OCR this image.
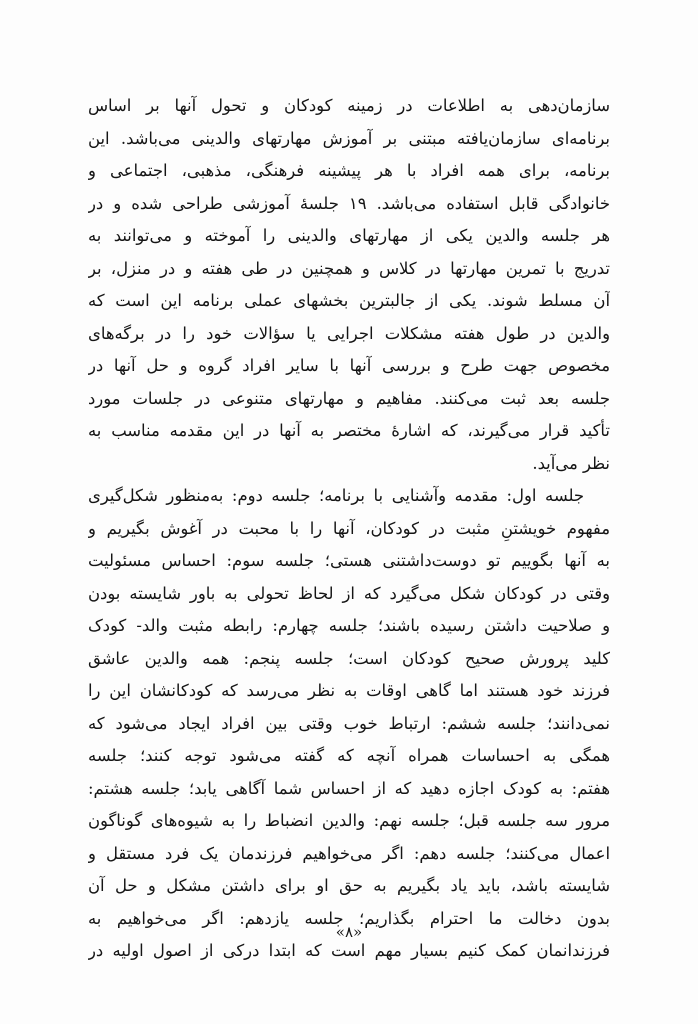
سازمان‌دهی به اطلاعات در زمینه کودکان و تحول آنها بر اساس
برنامه‌ای سازمان‌یافته مبتنی بر آموزش مهارتهای والدینی می‌باشد. این
برنامه، برای همه افراد با هر پیشینه فرهنگی، مذهبی، اجتماعی و
خانوادگی قابل استفاده می‌باشد. ۱۹ جلسهٔ آموزشی طراحی شده و در
هر جلسه والدین یکی از مهارتهای والدینی را آموخته و می‌توانند به
تدریج با تمرین مهارتها در کلاس و همچنین در طی هفته و در منزل، بر
آن مسلط شوند. یکی از جالبترین بخشهای عملی برنامه این است که
والدین در طول هفته مشکلات اجرایی یا سؤالات خود را در برگه‌های
مخصوص جهت طرح و بررسی آنها با سایر افراد گروه و حل آنها در
جلسه بعد ثبت می‌کنند. مفاهیم و مهارتهای متنوعی در جلسات مورد
تأکید قرار می‌گیرند، که اشارهٔ مختصر به آنها در این مقدمه مناسب به
نظر می‌آید.
جلسه اول: مقدمه وآشنایی با برنامه؛ جلسه دوم: به‌منظور شکل‌گیری
مفهوم خویشتنِ مثبت در کودکان، آنها را با محبت در آغوش بگیریم و
به آنها بگوییم تو دوست‌داشتنی هستی؛ جلسه سوم: احساس مسئولیت
وقتی در کودکان شکل می‌گیرد که از لحاظ تحولی به باور شایسته بودن
و صلاحیت داشتن رسیده باشند؛ جلسه چهارم: رابطه مثبت والد- کودک
کلید پرورش صحیح کودکان است؛ جلسه پنجم: همه والدین عاشق
فرزند خود هستند اما گاهی اوقات به نظر می‌رسد که کودکانشان این را
نمی‌دانند؛ جلسه ششم: ارتباط خوب وقتی بین افراد ایجاد می‌شود که
همگی به احساسات همراه آنچه که گفته می‌شود توجه کنند؛ جلسه
هفتم: به کودک اجازه دهید که از احساس شما آگاهی یابد؛ جلسه هشتم:
مرور سه جلسه قبل؛ جلسه نهم: والدین انضباط را به شیوه‌های گوناگون
اعمال می‌کنند؛ جلسه دهم: اگر می‌خواهیم فرزندمان یک فرد مستقل و
شایسته باشد، باید یاد بگیریم به حق او برای داشتن مشکل و حل آن
بدون دخالت ما احترام بگذاریم؛ جلسه یازدهم: اگر می‌خواهیم به
فرزندانمان کمک کنیم بسیار مهم است که ابتدا درکی از اصول اولیه در
«۸»
